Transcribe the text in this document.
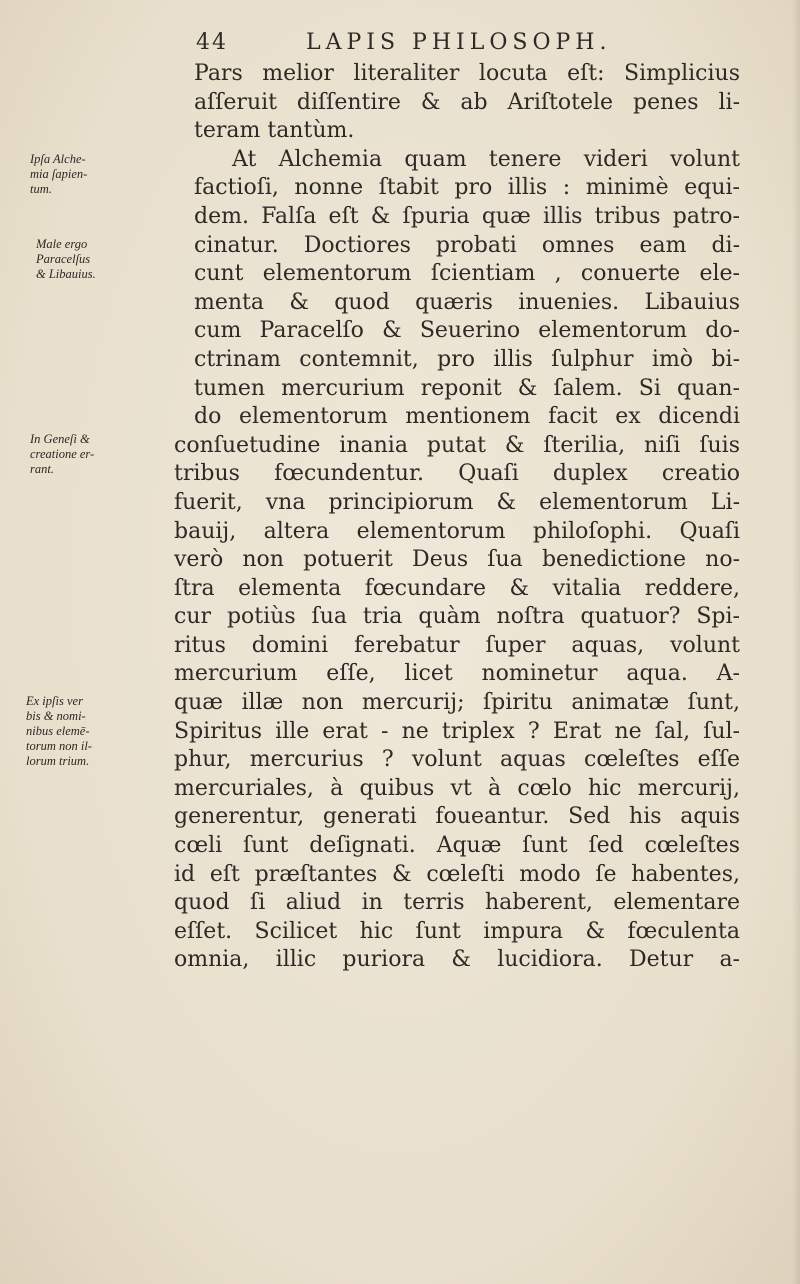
44	LAPIS PHILOSOPH.
Ipſa Alche-
mia ſapien-
tum.
Male ergo
Paracelſus
& Libauius.
In Geneſi &
creatione er-
rant.
Ex ipſis ver
bis & nomi-
nibus elemē-
torum non il-
lorum trium.
Pars melior literaliter locuta eſt: Simplicius
aſſeruit diſſentire & ab Ariſtotele penes li-
teram tantùm.
At Alchemia quam tenere videri volunt
factioſi, nonne ſtabit pro illis : minimè equi-
dem. Falſa eſt & ſpuria quæ illis tribus patro-
cinatur. Doctiores probati omnes eam di-
cunt elementorum ſcientiam , conuerte ele-
menta & quod quæris inuenies. Libauius
cum Paracelſo & Seuerino elementorum do-
ctrinam contemnit, pro illis ſulphur imò bi-
tumen mercurium reponit & ſalem. Si quan-
do elementorum mentionem facit ex dicendi
conſuetudine inania putat & ſterilia, niſi ſuis
tribus fœcundentur. Quaſi duplex creatio
fuerit, vna principiorum & elementorum Li-
bauij, altera elementorum philoſophi. Quaſi
verò non potuerit Deus ſua benedictione no-
ſtra elementa fœcundare & vitalia reddere,
cur potiùs ſua tria quàm noſtra quatuor? Spi-
ritus domini ferebatur ſuper aquas, volunt
mercurium eſſe, licet nominetur aqua. A-
quæ illæ non mercurij; ſpiritu animatæ ſunt,
Spiritus ille erat - ne triplex ? Erat ne ſal, ſul-
phur, mercurius ? volunt aquas cœleſtes eſſe
mercuriales, à quibus vt à cœlo hic mercurij,
generentur, generati foueantur. Sed his aquis
cœli ſunt deſignati. Aquæ ſunt ſed cœleſtes
id eſt præſtantes & cœleſti modo ſe habentes,
quod ſi aliud in terris haberent, elementare
eſſet. Scilicet hic ſunt impura & fœculenta
omnia, illic puriora & lucidiora. Detur a-
